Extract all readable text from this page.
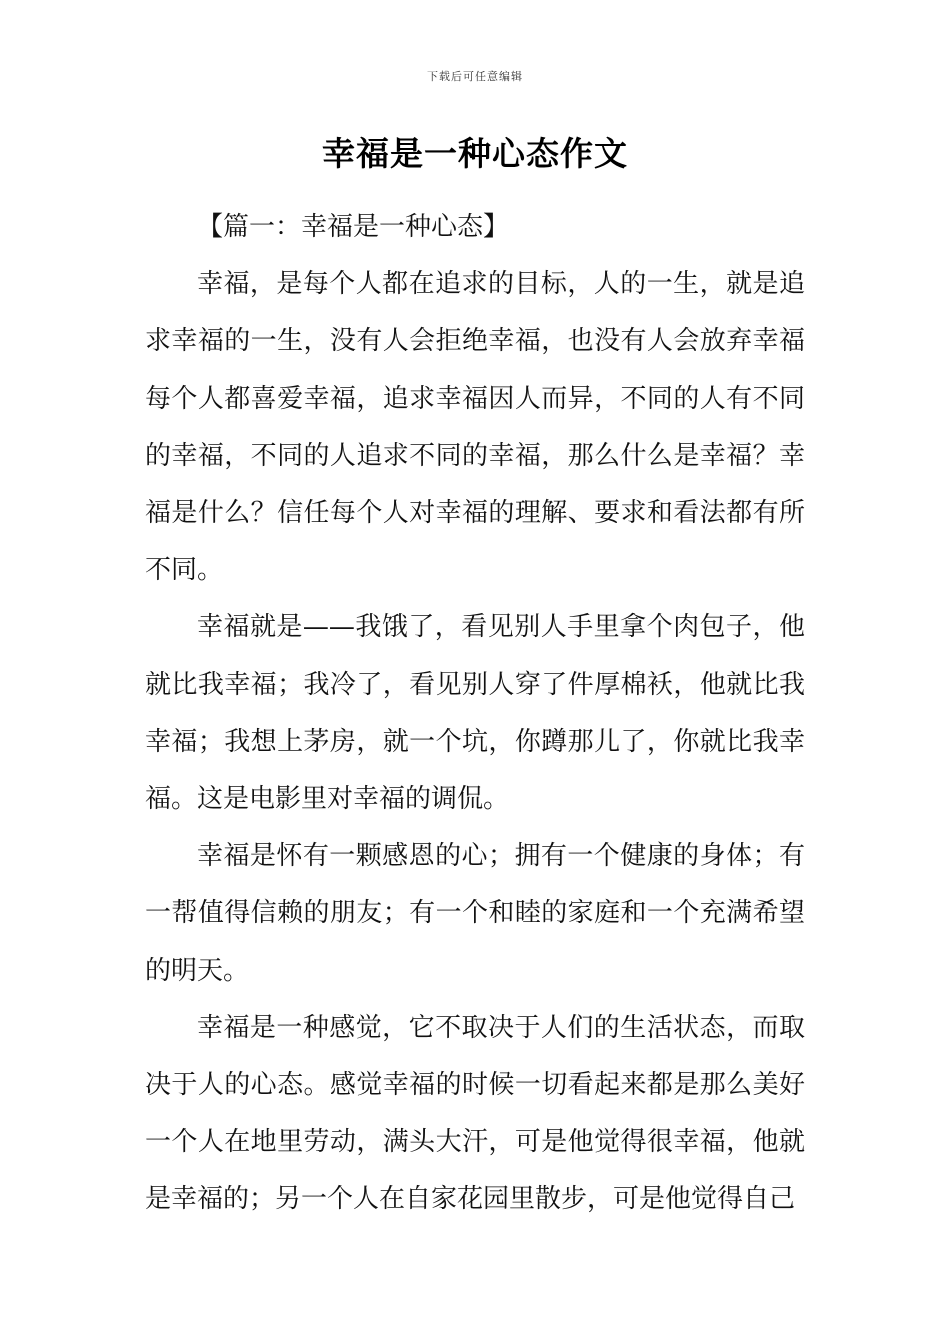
下载后可任意编辑
幸福是一种心态作文

【篇一：幸福是一种心态】

幸福，是每个人都在追求的目标，人的一生，就是追求幸福的一生，没有人会拒绝幸福，也没有人会放弃幸福每个人都喜爱幸福，追求幸福因人而异，不同的人有不同的幸福，不同的人追求不同的幸福，那么什么是幸福？幸福是什么？信任每个人对幸福的理解、要求和看法都有所不同。

幸福就是——我饿了，看见别人手里拿个肉包子，他就比我幸福；我冷了，看见别人穿了件厚棉袄，他就比我幸福；我想上茅房，就一个坑，你蹲那儿了，你就比我幸福。这是电影里对幸福的调侃。

幸福是怀有一颗感恩的心；拥有一个健康的身体；有一帮值得信赖的朋友；有一个和睦的家庭和一个充满希望的明天。

幸福是一种感觉，它不取决于人们的生活状态，而取决于人的心态。感觉幸福的时候一切看起来都是那么美好一个人在地里劳动，满头大汗，可是他觉得很幸福，他就是幸福的；另一个人在自家花园里散步，可是他觉得自己
